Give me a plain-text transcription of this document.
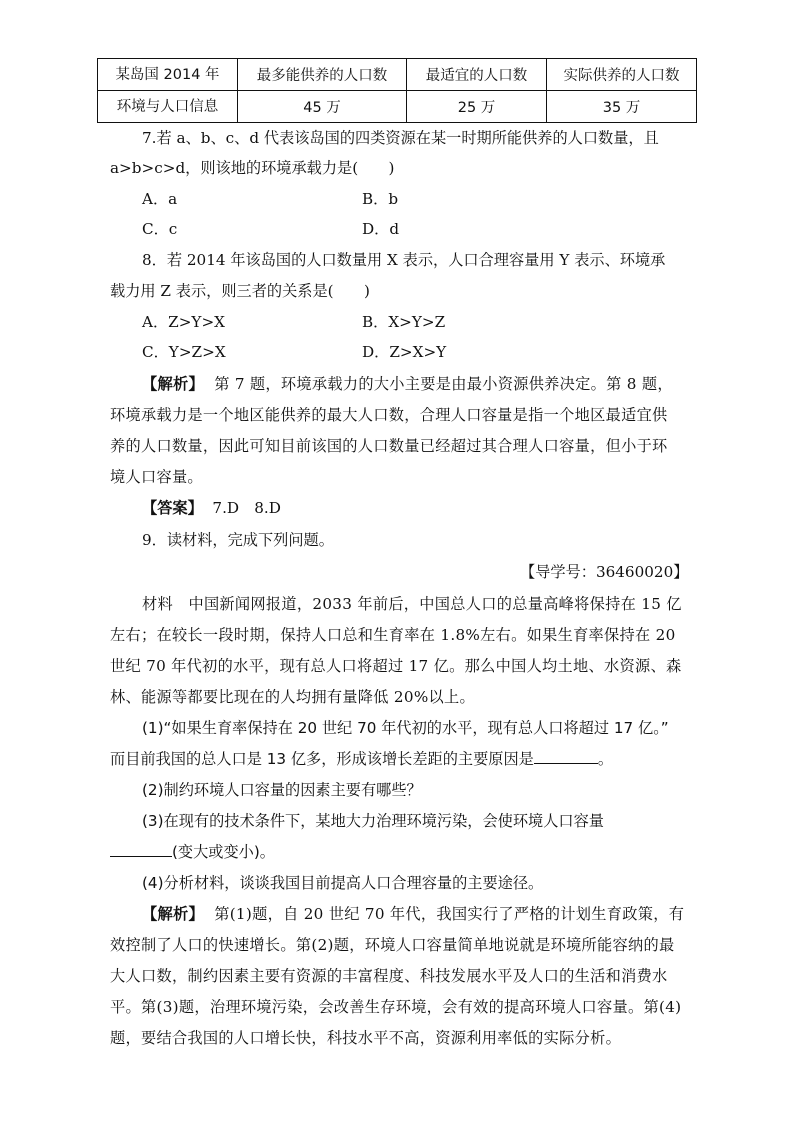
某岛国 2014 年	最多能供养的人口数	最适宜的人口数	实际供养的人口数
环境与人口信息	45 万	25 万	35 万
7.若 a、b、c、d 代表该岛国的四类资源在某一时期所能供养的人口数量，且
a>b>c>d，则该地的环境承载力是(　　)
A．a	B．b
C．c	D．d
8．若 2014 年该岛国的人口数量用 X 表示，人口合理容量用 Y 表示、环境承
载力用 Z 表示，则三者的关系是(　　)
A．Z>Y>X	B．X>Y>Z
C．Y>Z>X	D．Z>X>Y
【解析】 第 7 题，环境承载力的大小主要是由最小资源供养决定。第 8 题，
环境承载力是一个地区能供养的最大人口数，合理人口容量是指一个地区最适宜供
养的人口数量，因此可知目前该国的人口数量已经超过其合理人口容量，但小于环
境人口容量。
【答案】 7.D　8.D
9．读材料，完成下列问题。
【导学号：36460020】
材料　中国新闻网报道，2033 年前后，中国总人口的总量高峰将保持在 15 亿
左右；在较长一段时期，保持人口总和生育率在 1.8%左右。如果生育率保持在 20
世纪 70 年代初的水平，现有总人口将超过 17 亿。那么中国人均土地、水资源、森
林、能源等都要比现在的人均拥有量降低 20%以上。
(1)“如果生育率保持在 20 世纪 70 年代初的水平，现有总人口将超过 17 亿。”
而目前我国的总人口是 13 亿多，形成该增长差距的主要原因是	。
(2)制约环境人口容量的因素主要有哪些？
(3)在现有的技术条件下，某地大力治理环境污染，会使环境人口容量
(变大或变小)。
(4)分析材料，谈谈我国目前提高人口合理容量的主要途径。
【解析】 第(1)题，自 20 世纪 70 年代，我国实行了严格的计划生育政策，有
效控制了人口的快速增长。第(2)题，环境人口容量简单地说就是环境所能容纳的最
大人口数，制约因素主要有资源的丰富程度、科技发展水平及人口的生活和消费水
平。第(3)题，治理环境污染，会改善生存环境，会有效的提高环境人口容量。第(4)
题，要结合我国的人口增长快，科技水平不高，资源利用率低的实际分析。
